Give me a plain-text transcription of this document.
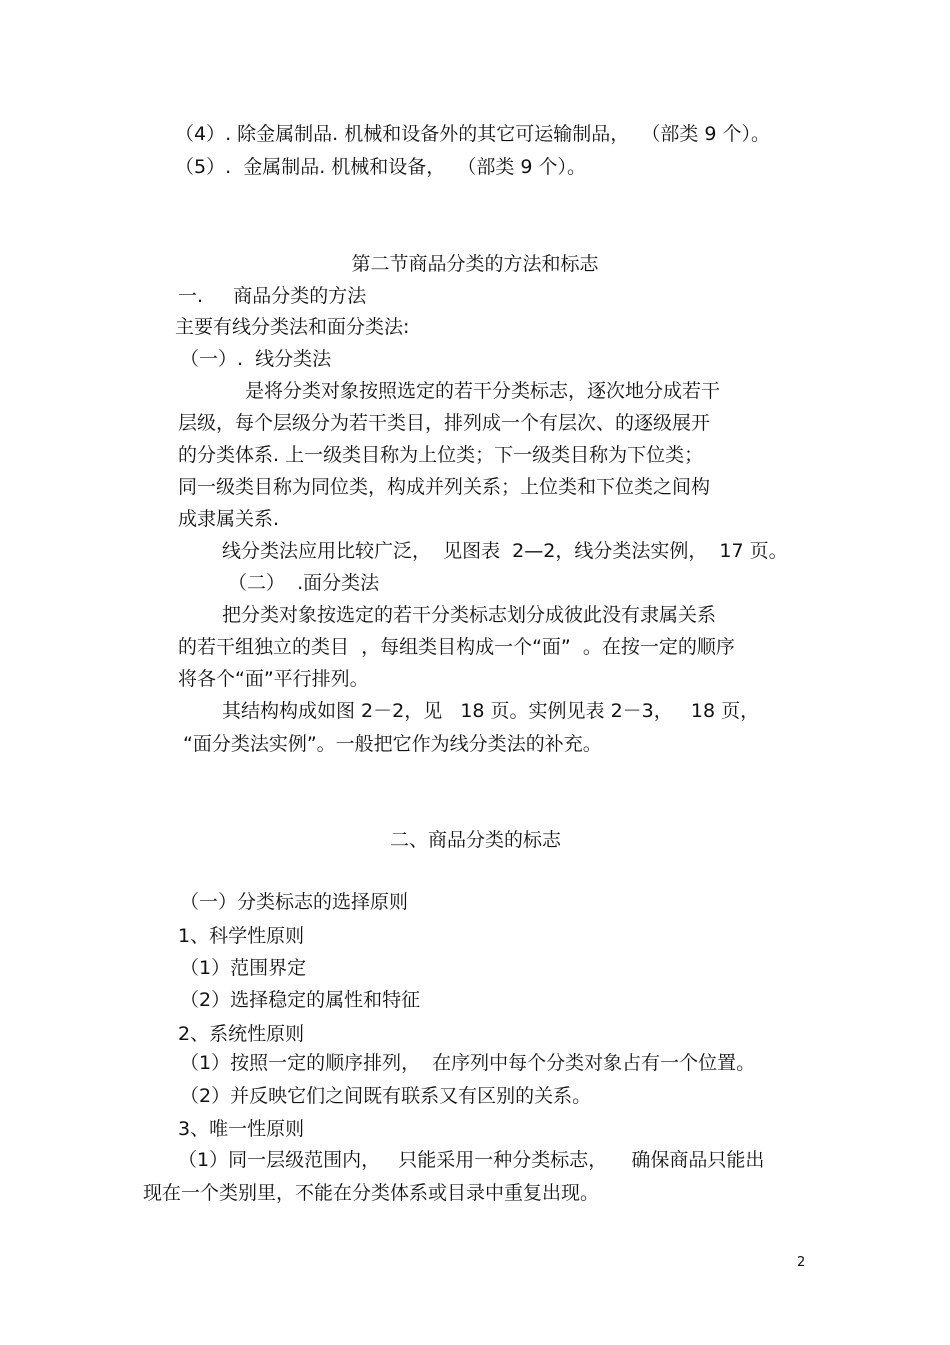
（4）. 除金属制品. 机械和设备外的其它可运输制品，  （部类 9 个）。

（5）.  金属制品. 机械和设备，  （部类 9 个）。

第二节商品分类的方法和标志

一.     商品分类的方法

主要有线分类法和面分类法:

（一）.  线分类法

是将分类对象按照选定的若干分类标志，逐次地分成若干

层级，每个层级分为若干类目，排列成一个有层次、的逐级展开

的分类体系. 上一级类目称为上位类；下一级类目称为下位类；

同一级类目称为同位类，构成并列关系；上位类和下位类之间构

成隶属关系.

线分类法应用比较广泛，  见图表  2—2，线分类法实例，  17 页。

（二）  .面分类法

把分类对象按选定的若干分类标志划分成彼此没有隶属关系

的若干组独立的类目  ，每组类目构成一个“面”  。在按一定的顺序

将各个“面”平行排列。

其结构构成如图 2－2，见   18 页。实例见表 2－3，   18 页，

“面分类法实例”。一般把它作为线分类法的补充。

二、商品分类的标志

（一）分类标志的选择原则

1、科学性原则

（1）范围界定

（2）选择稳定的属性和特征

2、系统性原则

（1）按照一定的顺序排列，  在序列中每个分类对象占有一个位置。

（2）并反映它们之间既有联系又有区别的关系。

3、唯一性原则

（1）同一层级范围内，   只能采用一种分类标志，    确保商品只能出

现在一个类别里，不能在分类体系或目录中重复出现。

2
